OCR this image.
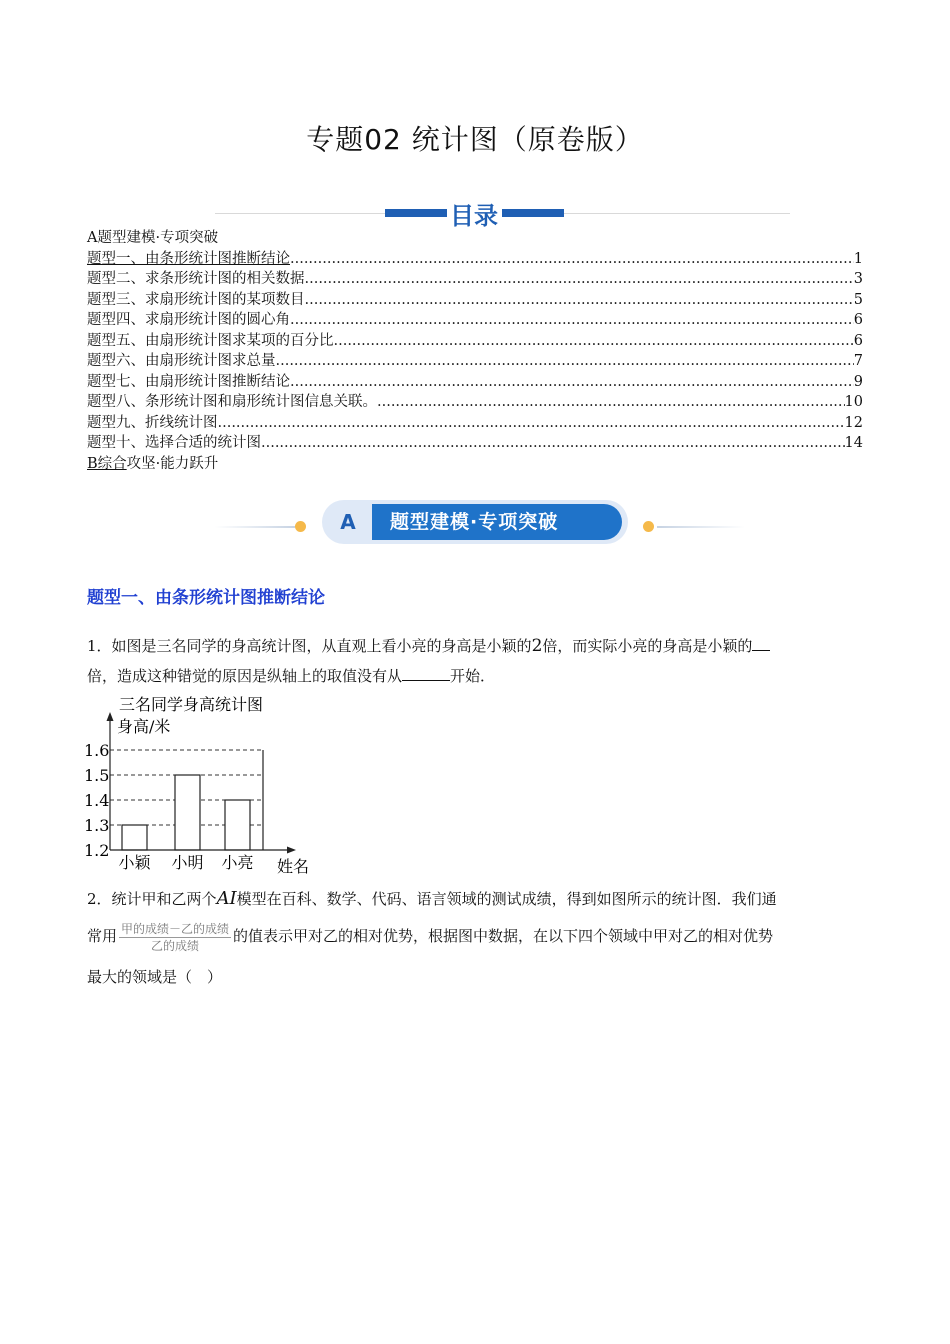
专题02 统计图（原卷版）
目录
A题型建模·专项突破
题型一、由条形统计图推断结论 .....	1
题型二、求条形统计图的相关数据 .....	3
题型三、求扇形统计图的某项数目 .....	5
题型四、求扇形统计图的圆心角 .....	6
题型五、由扇形统计图求某项的百分比 .....	6
题型六、由扇形统计图求总量 .....	7
题型七、由扇形统计图推断结论 .....	9
题型八、条形统计图和扇形统计图信息关联。 .....	10
题型九、折线统计图 .....	12
题型十、选择合适的统计图 .....	14
B综合 攻坚·能力跃升
A	题型建模·专项突破
题型一、由条形统计图推断结论
1．如图是三名同学的身高统计图，从直观上看小亮的身高是小颖的2倍，而实际小亮的身高是小颖的
倍，造成这种错觉的原因是纵轴上的取值没有从	开始．
三名同学身高统计图
身高/米
1.2
1.3
1.4
1.5
1.6
小颖 小明 小亮 姓名
2．统计甲和乙两个AI模型在百科、数学、代码、语言领域的测试成绩，得到如图所示的统计图．我们通
常用 $\frac{\text{甲的成绩－乙的成绩}}{\text{乙的成绩}}$ 的值表示甲对乙的相对优势，根据图中数据，在以下四个领域中甲对乙的相对优势
最大的领域是（　）
